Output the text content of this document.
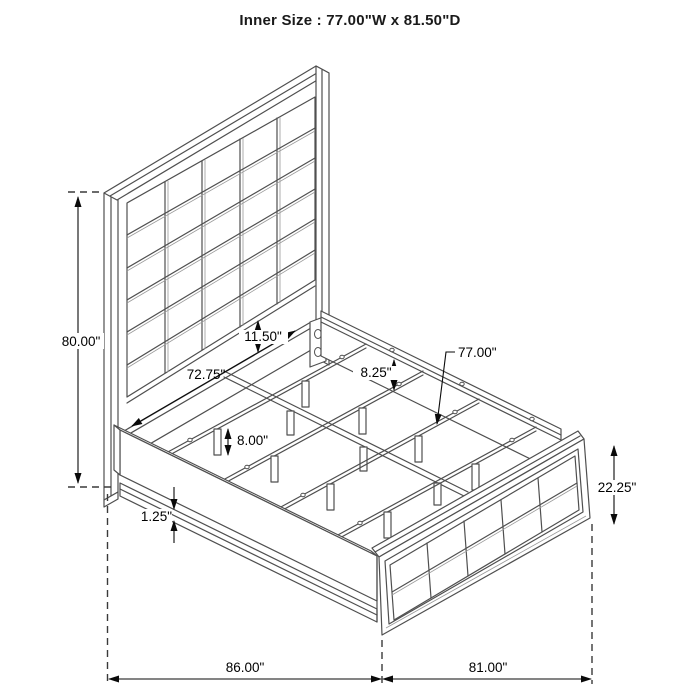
Inner Size : 77.00"W x 81.50"D
80.00"
72.75"
11.50"
8.25"
77.00"
8.00"
1.25"
22.25"
86.00"	81.00"
